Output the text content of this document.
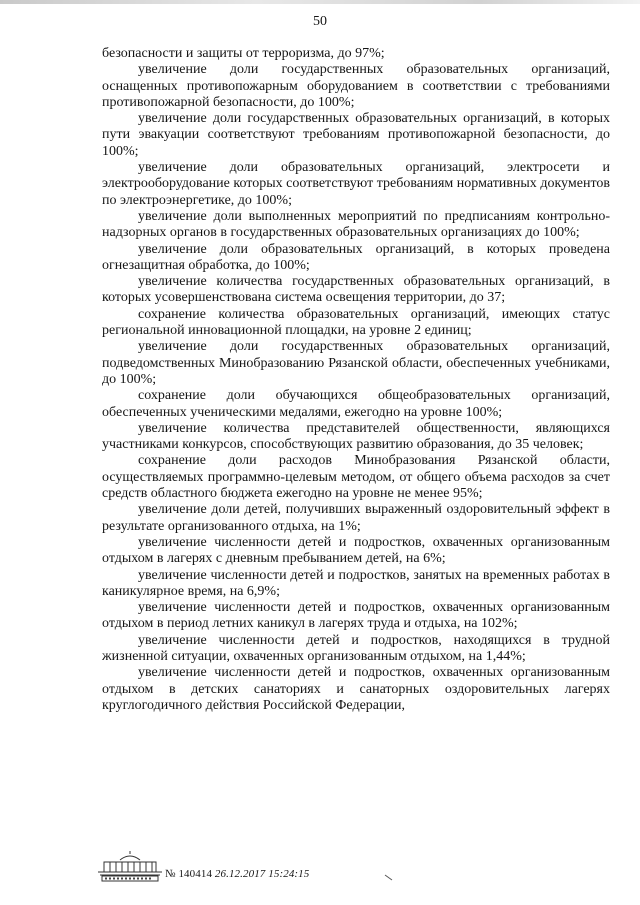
50

безопасности и защиты от терроризма, до 97%;

увеличение доли государственных образовательных организаций, оснащенных противопожарным оборудованием в соответствии с требованиями противопожарной безопасности, до 100%;

увеличение доли государственных образовательных организаций, в которых пути эвакуации соответствуют требованиям противопожарной безопасности, до 100%;

увеличение доли образовательных организаций, электросети и электрооборудование которых соответствуют требованиям нормативных документов по электроэнергетике, до 100%;

увеличение доли выполненных мероприятий по предписаниям контрольно-надзорных органов в государственных образовательных организациях до 100%;

увеличение доли образовательных организаций, в которых проведена огнезащитная обработка, до 100%;

увеличение количества государственных образовательных организаций, в которых усовершенствована система освещения территории, до 37;

сохранение количества образовательных организаций, имеющих статус региональной инновационной площадки, на уровне 2 единиц;

увеличение доли государственных образовательных организаций, подведомственных Минобразованию Рязанской области, обеспеченных учебниками, до 100%;

сохранение доли обучающихся общеобразовательных организаций, обеспеченных ученическими медалями, ежегодно на уровне 100%;

увеличение количества представителей общественности, являющихся участниками конкурсов, способствующих развитию образования, до 35 человек;

сохранение доли расходов Минобразования Рязанской области, осуществляемых программно-целевым методом, от общего объема расходов за счет средств областного бюджета ежегодно на уровне не менее 95%;

увеличение доли детей, получивших выраженный оздоровительный эффект в результате организованного отдыха, на 1%;

увеличение численности детей и подростков, охваченных организованным отдыхом в лагерях с дневным пребыванием детей, на 6%;

увеличение численности детей и подростков, занятых на временных работах в каникулярное время, на 6,9%;

увеличение численности детей и подростков, охваченных организованным отдыхом в период летних каникул в лагерях труда и отдыха, на 102%;

увеличение численности детей и подростков, находящихся в трудной жизненной ситуации, охваченных организованным отдыхом, на 1,44%;

увеличение численности детей и подростков, охваченных организованным отдыхом в детских санаториях и санаторных оздоровительных лагерях круглогодичного действия Российской Федерации,

№ 140414 26.12.2017 15:24:15
